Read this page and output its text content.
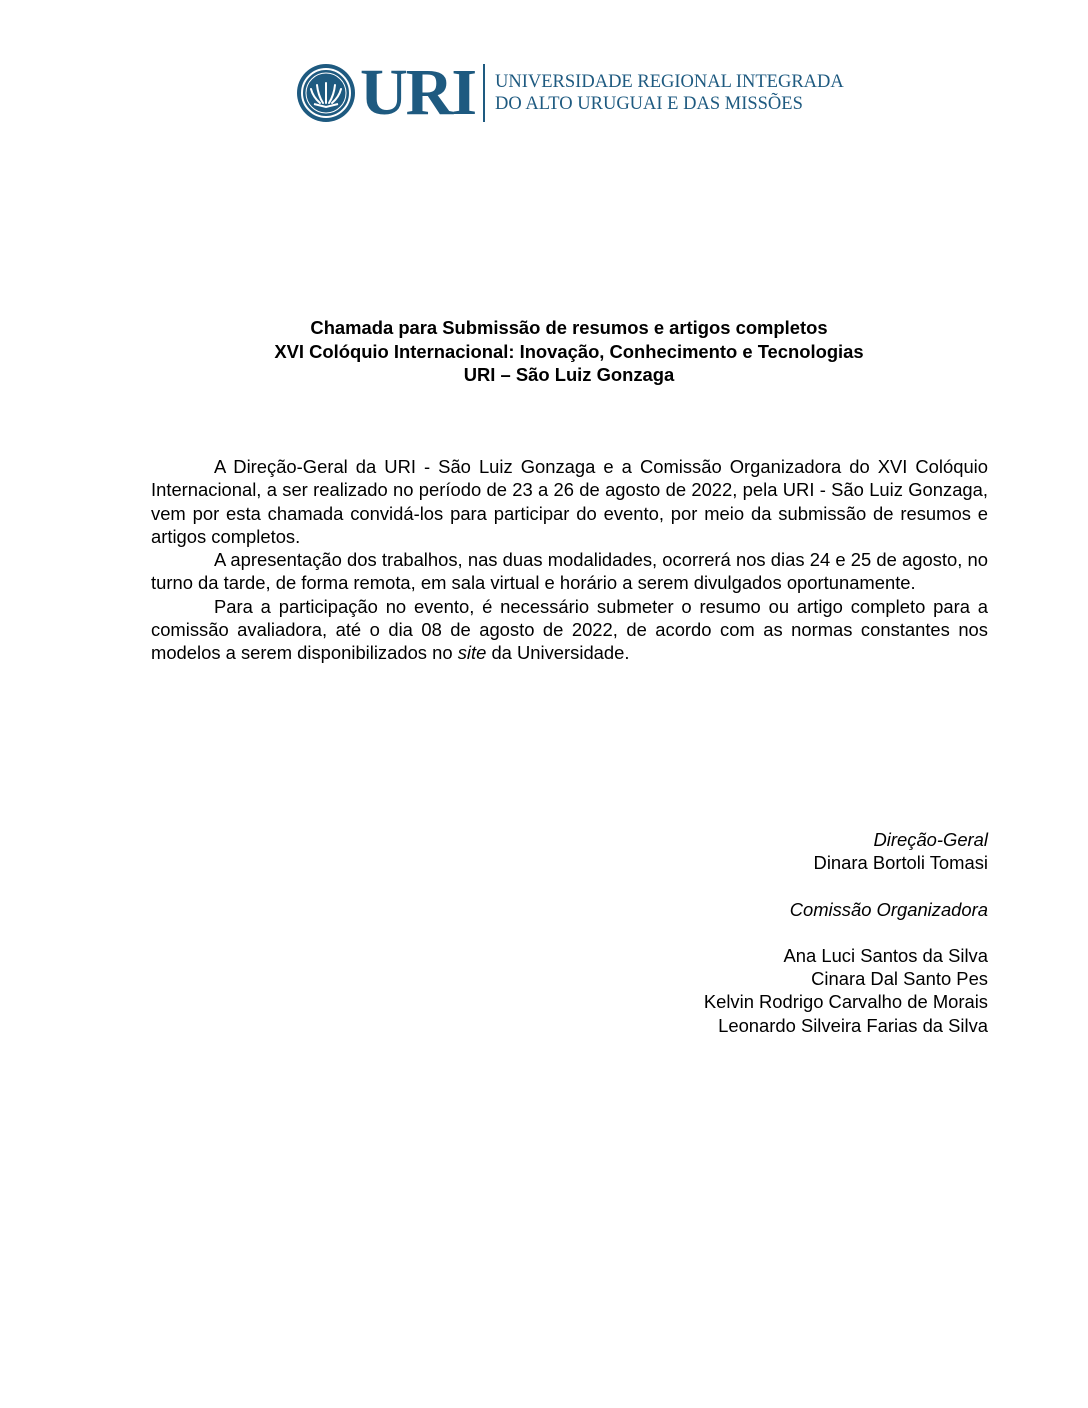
URI UNIVERSIDADE REGIONAL INTEGRADA
DO ALTO URUGUAI E DAS MISSÕES
Chamada para Submissão de resumos e artigos completos
XVI Colóquio Internacional: Inovação, Conhecimento e Tecnologias
URI – São Luiz Gonzaga

A Direção-Geral da URI - São Luiz Gonzaga e a Comissão Organizadora do XVI Colóquio Internacional, a ser realizado no período de 23 a 26 de agosto de 2022, pela URI - São Luiz Gonzaga, vem por esta chamada convidá-los para participar do evento, por meio da submissão de resumos e artigos completos.

A apresentação dos trabalhos, nas duas modalidades, ocorrerá nos dias 24 e 25 de agosto, no turno da tarde, de forma remota, em sala virtual e horário a serem divulgados oportunamente.

Para a participação no evento, é necessário submeter o resumo ou artigo completo para a comissão avaliadora, até o dia 08 de agosto de 2022, de acordo com as normas constantes nos modelos a serem disponibilizados no site da Universidade.

Direção-Geral
Dinara Bortoli Tomasi
Comissão Organizadora
Ana Luci Santos da Silva
Cinara Dal Santo Pes
Kelvin Rodrigo Carvalho de Morais
Leonardo Silveira Farias da Silva
